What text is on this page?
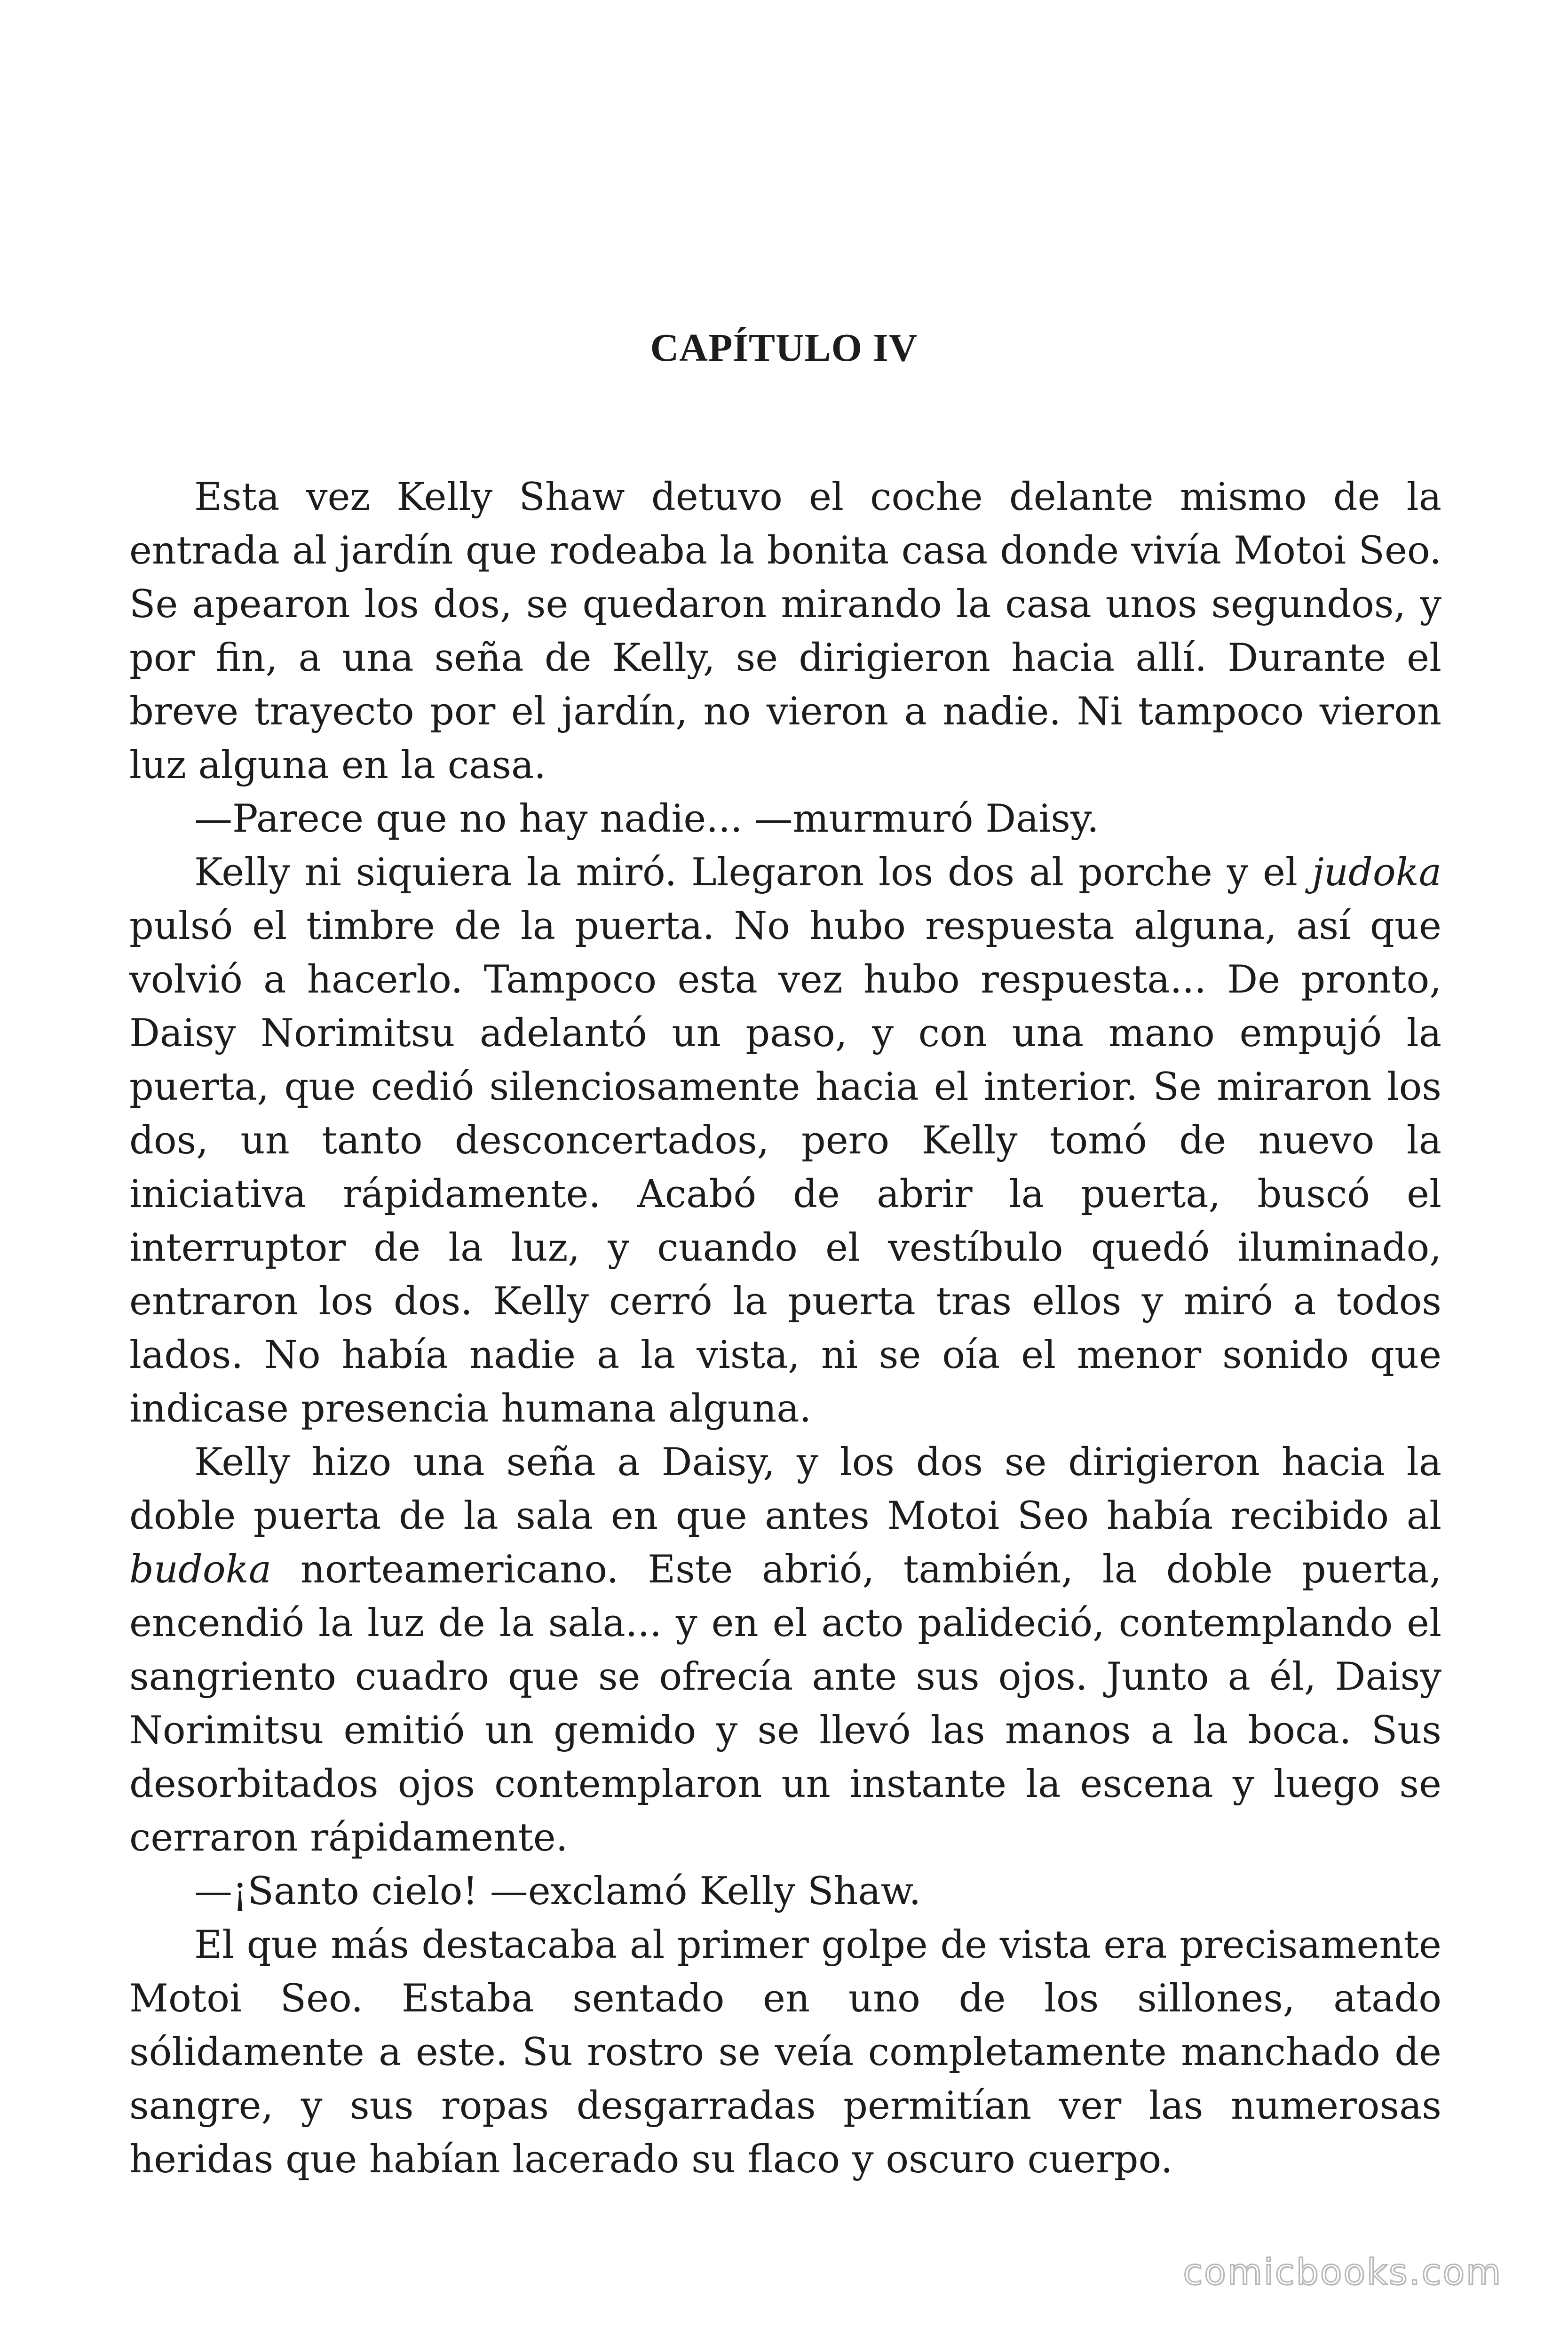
CAPÍTULO IV

Esta vez Kelly Shaw detuvo el coche delante mismo de la entrada al jardín que rodeaba la bonita casa donde vivía Motoi Seo. Se apearon los dos, se quedaron mirando la casa unos segundos, y por fin, a una seña de Kelly, se dirigieron hacia allí. Durante el breve trayecto por el jardín, no vieron a nadie. Ni tampoco vieron luz alguna en la casa.

—Parece que no hay nadie... —murmuró Daisy.

Kelly ni siquiera la miró. Llegaron los dos al porche y el judoka pulsó el timbre de la puerta. No hubo respuesta alguna, así que volvió a hacerlo. Tampoco esta vez hubo respuesta... De pronto, Daisy Norimitsu adelantó un paso, y con una mano empujó la puerta, que cedió silenciosamente hacia el interior. Se miraron los dos, un tanto desconcertados, pero Kelly tomó de nuevo la iniciativa rápidamente. Acabó de abrir la puerta, buscó el interruptor de la luz, y cuando el vestíbulo quedó iluminado, entraron los dos. Kelly cerró la puerta tras ellos y miró a todos lados. No había nadie a la vista, ni se oía el menor sonido que indicase presencia humana alguna.

Kelly hizo una seña a Daisy, y los dos se dirigieron hacia la doble puerta de la sala en que antes Motoi Seo había recibido al budoka norteamericano. Este abrió, también, la doble puerta, encendió la luz de la sala... y en el acto palideció, contemplando el sangriento cuadro que se ofrecía ante sus ojos. Junto a él, Daisy Norimitsu emitió un gemido y se llevó las manos a la boca. Sus desorbitados ojos contemplaron un instante la escena y luego se cerraron rápidamente.

—¡Santo cielo! —exclamó Kelly Shaw.

El que más destacaba al primer golpe de vista era precisamente Motoi Seo. Estaba sentado en uno de los sillones, atado sólidamente a este. Su rostro se veía completamente manchado de sangre, y sus ropas desgarradas permitían ver las numerosas heridas que habían lacerado su flaco y oscuro cuerpo.

comicbooks.com
